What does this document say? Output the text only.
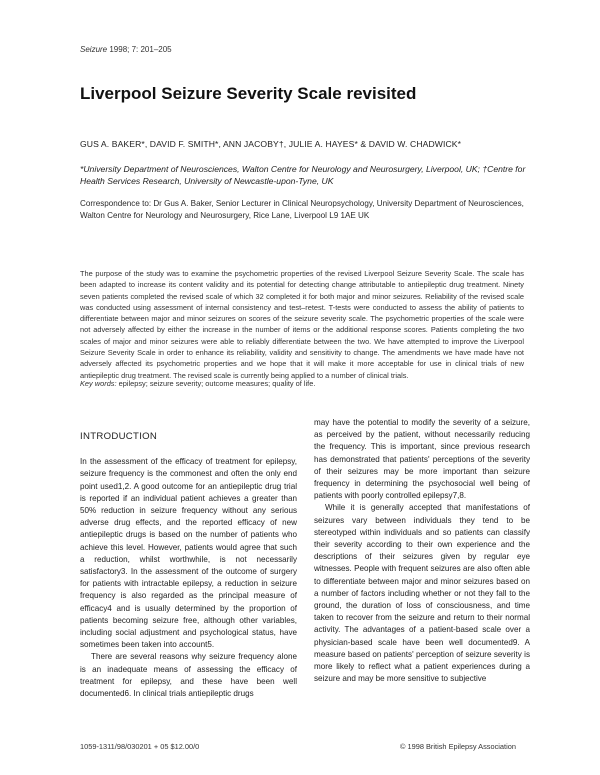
Seizure 1998; 7: 201–205
Liverpool Seizure Severity Scale revisited
GUS A. BAKER*, DAVID F. SMITH*, ANN JACOBY†, JULIE A. HAYES* & DAVID W. CHADWICK*
*University Department of Neurosciences, Walton Centre for Neurology and Neurosurgery, Liverpool, UK; †Centre for Health Services Research, University of Newcastle-upon-Tyne, UK
Correspondence to: Dr Gus A. Baker, Senior Lecturer in Clinical Neuropsychology, University Department of Neurosciences, Walton Centre for Neurology and Neurosurgery, Rice Lane, Liverpool L9 1AE UK

The purpose of the study was to examine the psychometric properties of the revised Liverpool Seizure Severity Scale. The scale has been adapted to increase its content validity and its potential for detecting change attributable to antiepileptic drug treatment. Ninety seven patients completed the revised scale of which 32 completed it for both major and minor seizures. Reliability of the revised scale was conducted using assessment of internal consistency and test–retest. T-tests were conducted to assess the ability of patients to differentiate between major and minor seizures on scores of the seizure severity scale. The psychometric properties of the scale were not adversely affected by either the increase in the number of items or the additional response scores. Patients completing the two scales of major and minor seizures were able to reliably differentiate between the two. We have attempted to improve the Liverpool Seizure Severity Scale in order to enhance its reliability, validity and sensitivity to change. The amendments we have made have not adversely affected its psychometric properties and we hope that it will make it more acceptable for use in clinical trials of new antiepileptic drug treatment. The revised scale is currently being applied to a number of clinical trials.

Key words: epilepsy; seizure severity; outcome measures; quality of life.

INTRODUCTION

In the assessment of the efficacy of treatment for epilepsy, seizure frequency is the commonest and often the only end point used1,2. A good outcome for an antiepileptic drug trial is reported if an individual patient achieves a greater than 50% reduction in seizure frequency without any serious adverse drug effects, and the reported efficacy of new antiepileptic drugs is based on the number of patients who achieve this level. However, patients would agree that such a reduction, whilst worthwhile, is not necessarily satisfactory3. In the assessment of the outcome of surgery for patients with intractable epilepsy, a reduction in seizure frequency is also regarded as the principal measure of efficacy4 and is usually determined by the proportion of patients becoming seizure free, although other variables, including social adjustment and psychological status, have sometimes been taken into account5.

There are several reasons why seizure frequency alone is an inadequate means of assessing the efficacy of treatment for epilepsy, and these have been well documented6. In clinical trials antiepileptic drugs

may have the potential to modify the severity of a seizure, as perceived by the patient, without necessarily reducing the frequency. This is important, since previous research has demonstrated that patients' perceptions of the severity of their seizures may be more important than seizure frequency in determining the psychosocial well being of patients with poorly controlled epilepsy7,8.

While it is generally accepted that manifestations of seizures vary between individuals they tend to be stereotyped within individuals and so patients can classify their severity according to their own experience and the descriptions of their seizures given by regular eye witnesses. People with frequent seizures are also often able to differentiate between major and minor seizures based on a number of factors including whether or not they fall to the ground, the duration of loss of consciousness, and time taken to recover from the seizure and return to their normal activity. The advantages of a patient-based scale over a physician-based scale have been well documented9. A measure based on patients' perception of seizure severity is more likely to reflect what a patient experiences during a seizure and may be more sensitive to subjective

1059-1311/98/030201 + 05 $12.00/0	© 1998 British Epilepsy Association
